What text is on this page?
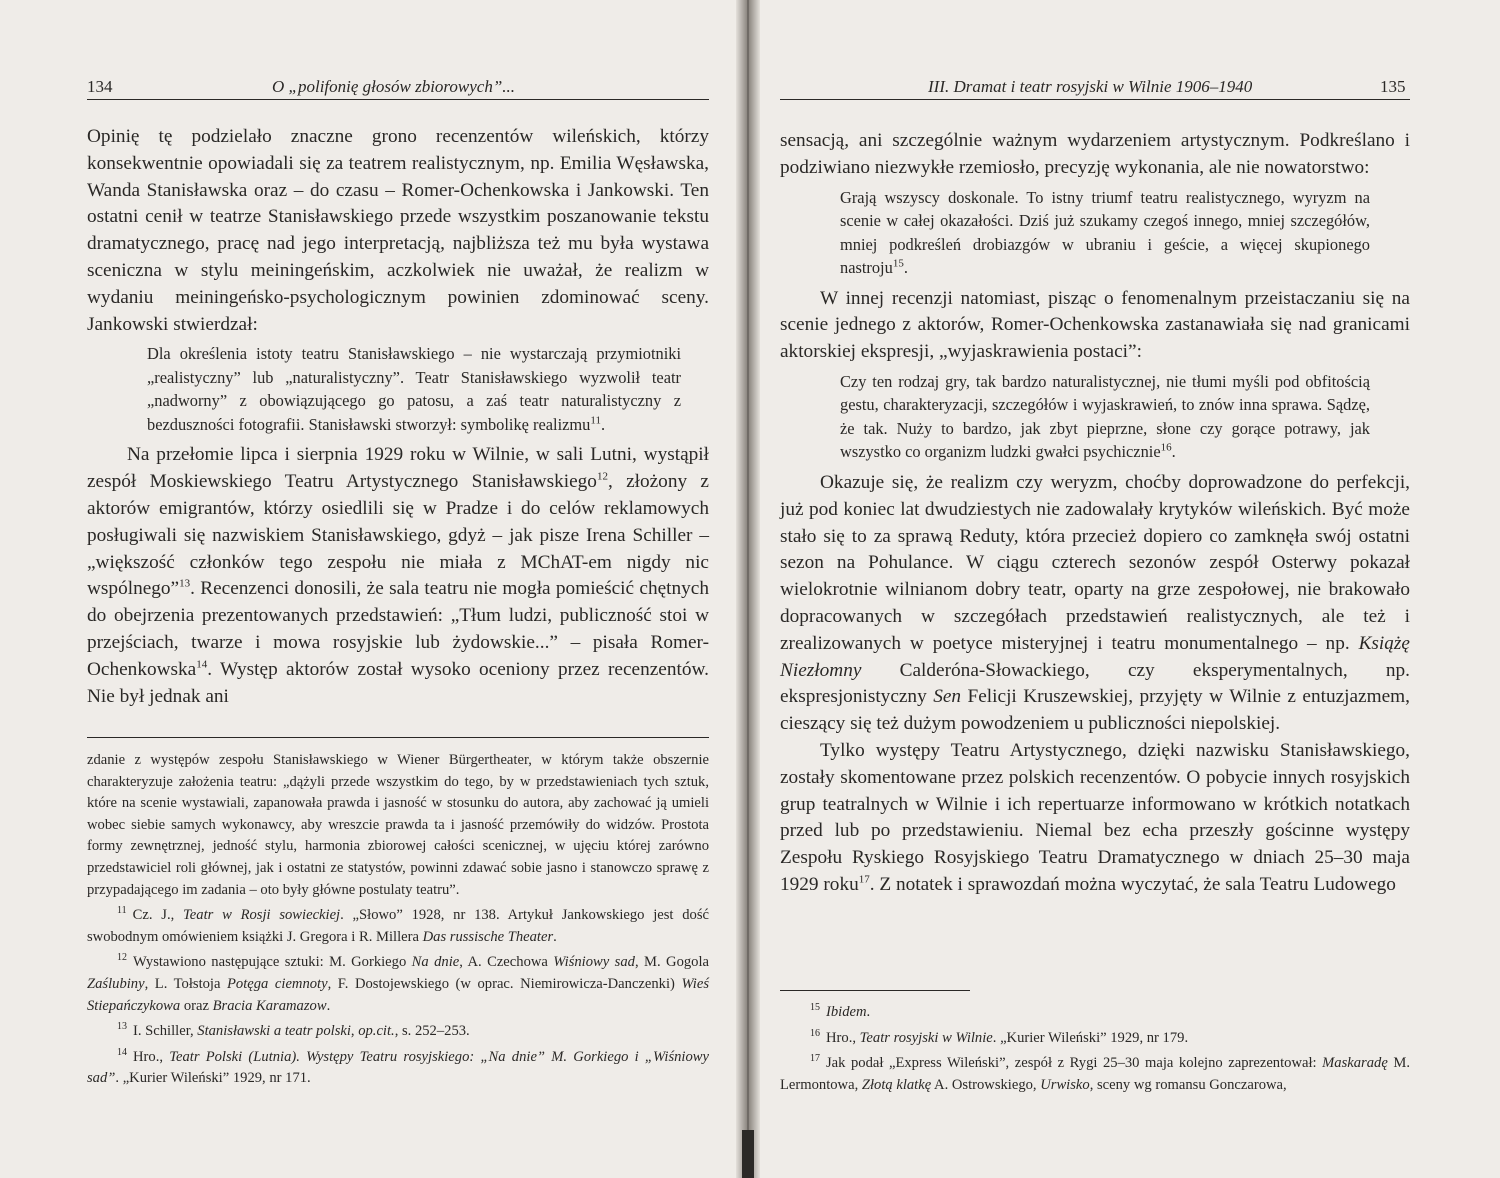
134	O „polifonię głosów zbiorowych”...

Opinię tę podzielało znaczne grono recenzentów wileńskich, którzy konsekwentnie opowiadali się za teatrem realistycznym, np. Emilia Węsławska, Wanda Stanisławska oraz – do czasu – Romer-Ochenkowska i Jankowski. Ten ostatni cenił w teatrze Stanisławskiego przede wszystkim poszanowanie tekstu dramatycznego, pracę nad jego interpretacją, najbliższa też mu była wystawa sceniczna w stylu meiningeńskim, aczkolwiek nie uważał, że realizm w wydaniu meiningeńsko-psychologicznym powinien zdominować sceny. Jankowski stwierdzał:

Dla określenia istoty teatru Stanisławskiego – nie wystarczają przymiotniki „realistyczny” lub „naturalistyczny”. Teatr Stanisławskiego wyzwolił teatr „nadworny” z obowiązującego go patosu, a zaś teatr naturalistyczny z bezduszności fotografii. Stanisławski stworzył: symbolikę realizmu$^{11}$.

Na przełomie lipca i sierpnia 1929 roku w Wilnie, w sali Lutni, wystąpił zespół Moskiewskiego Teatru Artystycznego Stanisławskiego$^{12}$, złożony z aktorów emigrantów, którzy osiedlili się w Pradze i do celów reklamowych posługiwali się nazwiskiem Stanisławskiego, gdyż – jak pisze Irena Schiller – „większość członków tego zespołu nie miała z MChAT-em nigdy nic wspólnego”$^{13}$. Recenzenci donosili, że sala teatru nie mogła pomieścić chętnych do obejrzenia prezentowanych przedstawień: „Tłum ludzi, publiczność stoi w przejściach, twarze i mowa rosyjskie lub żydowskie...” – pisała Romer-Ochenkowska$^{14}$. Występ aktorów został wysoko oceniony przez recenzentów. Nie był jednak ani

zdanie z występów zespołu Stanisławskiego w Wiener Bürgertheater, w którym także obszernie charakteryzuje założenia teatru: „dążyli przede wszystkim do tego, by w przedstawieniach tych sztuk, które na scenie wystawiali, zapanowała prawda i jasność w stosunku do autora, aby zachować ją umieli wobec siebie samych wykonawcy, aby wreszcie prawda ta i jasność przemówiły do widzów. Prostota formy zewnętrznej, jedność stylu, harmonia zbiorowej całości scenicznej, w ujęciu której zarówno przedstawiciel roli głównej, jak i ostatni ze statystów, powinni zdawać sobie jasno i stanowczo sprawę z przypadającego im zadania – oto były główne postulaty teatru”.

$^{11}$ Cz. J., Teatr w Rosji sowieckiej. „Słowo” 1928, nr 138. Artykuł Jankowskiego jest dość swobodnym omówieniem książki J. Gregora i R. Millera Das russische Theater.

$^{12}$ Wystawiono następujące sztuki: M. Gorkiego Na dnie, A. Czechowa Wiśniowy sad, M. Gogola Zaślubiny, L. Tołstoja Potęga ciemnoty, F. Dostojewskiego (w oprac. Niemirowicza-Danczenki) Wieś Stiepańczykowa oraz Bracia Karamazow.

$^{13}$ I. Schiller, Stanisławski a teatr polski, op.cit., s. 252–253.

$^{14}$ Hro., Teatr Polski (Lutnia). Występy Teatru rosyjskiego: „Na dnie” M. Gorkiego i „Wiśniowy sad”. „Kurier Wileński” 1929, nr 171.

III. Dramat i teatr rosyjski w Wilnie 1906–1940	135

sensacją, ani szczególnie ważnym wydarzeniem artystycznym. Podkreślano i podziwiano niezwykłe rzemiosło, precyzję wykonania, ale nie nowatorstwo:

Grają wszyscy doskonale. To istny triumf teatru realistycznego, wyryzm na scenie w całej okazałości. Dziś już szukamy czegoś innego, mniej szczegółów, mniej podkreśleń drobiazgów w ubraniu i geście, a więcej skupionego nastroju$^{15}$.

W innej recenzji natomiast, pisząc o fenomenalnym przeistaczaniu się na scenie jednego z aktorów, Romer-Ochenkowska zastanawiała się nad granicami aktorskiej ekspresji, „wyjaskrawienia postaci”:

Czy ten rodzaj gry, tak bardzo naturalistycznej, nie tłumi myśli pod obfitością gestu, charakteryzacji, szczegółów i wyjaskrawień, to znów inna sprawa. Sądzę, że tak. Nuży to bardzo, jak zbyt pieprzne, słone czy gorące potrawy, jak wszystko co organizm ludzki gwałci psychicznie$^{16}$.

Okazuje się, że realizm czy weryzm, choćby doprowadzone do perfekcji, już pod koniec lat dwudziestych nie zadowalały krytyków wileńskich. Być może stało się to za sprawą Reduty, która przecież dopiero co zamknęła swój ostatni sezon na Pohulance. W ciągu czterech sezonów zespół Osterwy pokazał wielokrotnie wilnianom dobry teatr, oparty na grze zespołowej, nie brakowało dopracowanych w szczegółach przedstawień realistycznych, ale też i zrealizowanych w poetyce misteryjnej i teatru monumentalnego – np. Książę Niezłomny Calderóna-Słowackiego, czy eksperymentalnych, np. ekspresjonistyczny Sen Felicji Kruszewskiej, przyjęty w Wilnie z entuzjazmem, cieszący się też dużym powodzeniem u publiczności niepolskiej.

Tylko występy Teatru Artystycznego, dzięki nazwisku Stanisławskiego, zostały skomentowane przez polskich recenzentów. O pobycie innych rosyjskich grup teatralnych w Wilnie i ich repertuarze informowano w krótkich notatkach przed lub po przedstawieniu. Niemal bez echa przeszły gościnne występy Zespołu Ryskiego Rosyjskiego Teatru Dramatycznego w dniach 25–30 maja 1929 roku$^{17}$. Z notatek i sprawozdań można wyczytać, że sala Teatru Ludowego

$^{15}$ Ibidem.

$^{16}$ Hro., Teatr rosyjski w Wilnie. „Kurier Wileński” 1929, nr 179.

$^{17}$ Jak podał „Express Wileński”, zespół z Rygi 25–30 maja kolejno zaprezentował: Maskaradę M. Lermontowa, Złotą klatkę A. Ostrowskiego, Urwisko, sceny wg romansu Gonczarowa,
